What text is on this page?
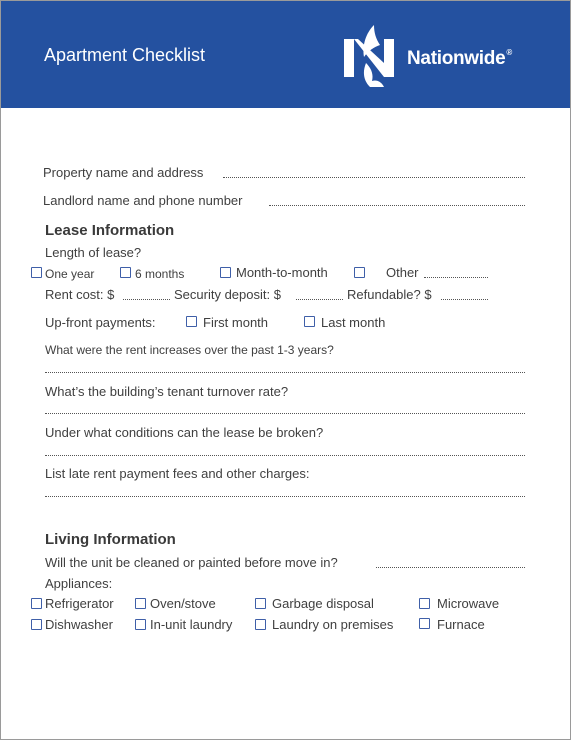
Apartment Checklist	Nationwide®
Property name and address
Landlord name and phone number
Lease Information
Length of lease?
One year	6 months	Month-to-month	Other
Rent cost: $	Security deposit: $	Refundable? $
Up-front payments:	First month	Last month
What were the rent increases over the past 1-3 years?
What’s the building’s tenant turnover rate?
Under what conditions can the lease be broken?
List late rent payment fees and other charges:
Living Information
Will the unit be cleaned or painted before move in?
Appliances:
Refrigerator	Oven/stove	Garbage disposal	Microwave
Dishwasher	In-unit laundry	Laundry on premises	Furnace
